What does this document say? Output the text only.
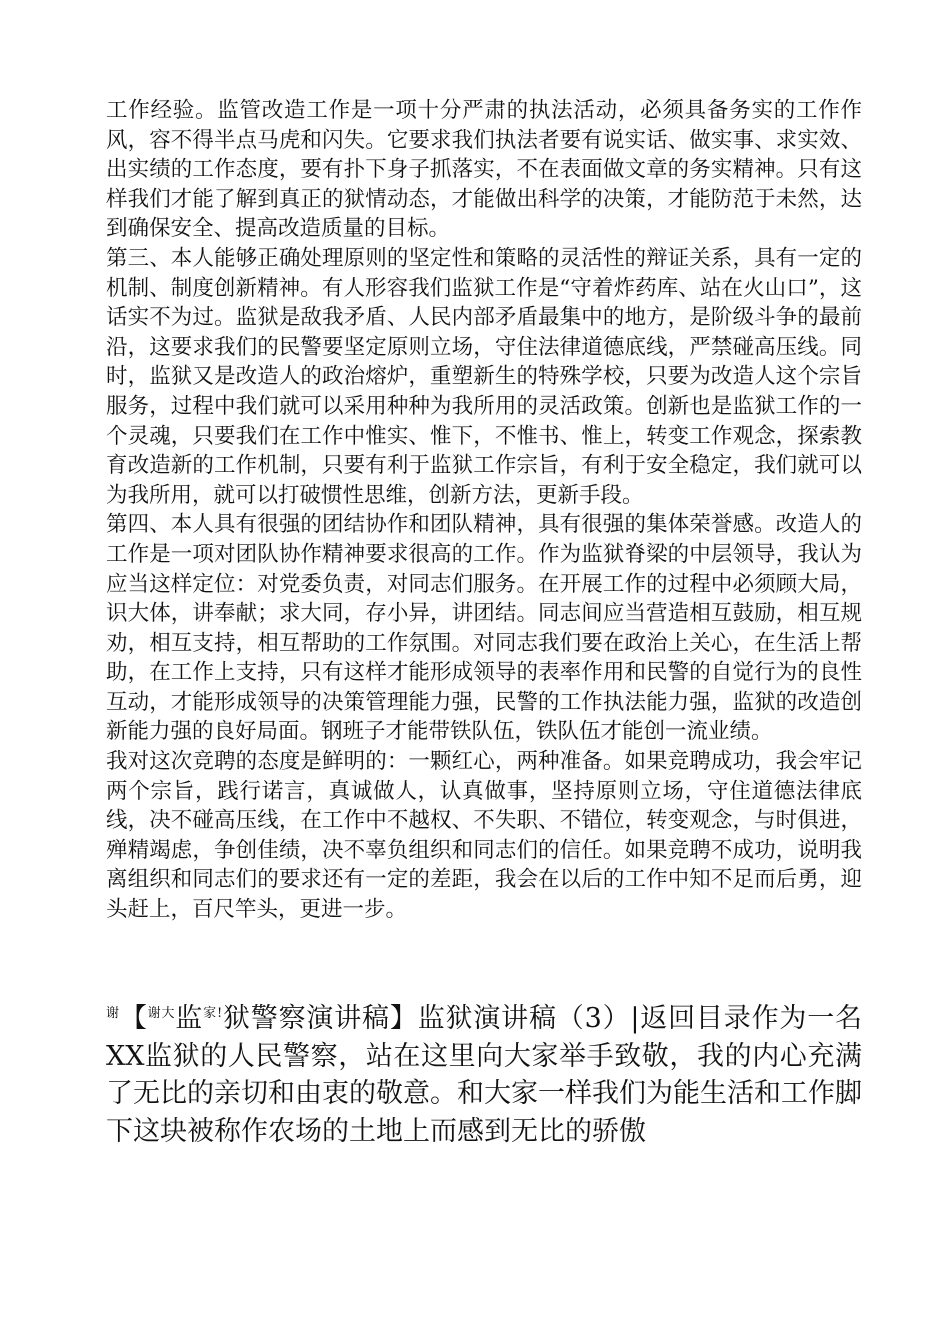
工作经验。监管改造工作是一项十分严肃的执法活动，必须具备务实的工作作风，容不得半点马虎和闪失。它要求我们执法者要有说实话、做实事、求实效、出实绩的工作态度，要有扑下身子抓落实，不在表面做文章的务实精神。只有这样我们才能了解到真正的狱情动态，才能做出科学的决策，才能防范于未然，达到确保安全、提高改造质量的目标。

第三、本人能够正确处理原则的坚定性和策略的灵活性的辩证关系，具有一定的机制、制度创新精神。有人形容我们监狱工作是“守着炸药库、站在火山口”，这话实不为过。监狱是敌我矛盾、人民内部矛盾最集中的地方，是阶级斗争的最前沿，这要求我们的民警要坚定原则立场，守住法律道德底线，严禁碰高压线。同时，监狱又是改造人的政治熔炉，重塑新生的特殊学校，只要为改造人这个宗旨服务，过程中我们就可以采用种种为我所用的灵活政策。创新也是监狱工作的一个灵魂，只要我们在工作中惟实、惟下，不惟书、惟上，转变工作观念，探索教育改造新的工作机制，只要有利于监狱工作宗旨，有利于安全稳定，我们就可以为我所用，就可以打破惯性思维，创新方法，更新手段。

第四、本人具有很强的团结协作和团队精神，具有很强的集体荣誉感。改造人的工作是一项对团队协作精神要求很高的工作。作为监狱脊梁的中层领导，我认为应当这样定位：对党委负责，对同志们服务。在开展工作的过程中必须顾大局，识大体，讲奉献；求大同，存小异，讲团结。同志间应当营造相互鼓励，相互规劝，相互支持，相互帮助的工作氛围。对同志我们要在政治上关心，在生活上帮助，在工作上支持，只有这样才能形成领导的表率作用和民警的自觉行为的良性互动，才能形成领导的决策管理能力强，民警的工作执法能力强，监狱的改造创新能力强的良好局面。钢班子才能带铁队伍，铁队伍才能创一流业绩。

我对这次竞聘的态度是鲜明的：一颗红心，两种准备。如果竞聘成功，我会牢记两个宗旨，践行诺言，真诚做人，认真做事，坚持原则立场，守住道德法律底线，决不碰高压线，在工作中不越权、不失职、不错位，转变观念，与时俱进，殚精竭虑，争创佳绩，决不辜负组织和同志们的信任。如果竞聘不成功，说明我离组织和同志们的要求还有一定的差距，我会在以后的工作中知不足而后勇，迎头赶上，百尺竿头，更进一步。

$^谢$【$^{谢大}$监$^{家!}$狱警察演讲稿】监狱演讲稿（3）|返回目录作为一名XX监狱的人民警察，站在这里向大家举手致敬，我的内心充满了无比的亲切和由衷的敬意。和大家一样我们为能生活和工作脚下这块被称作农场的土地上而感到无比的骄傲
